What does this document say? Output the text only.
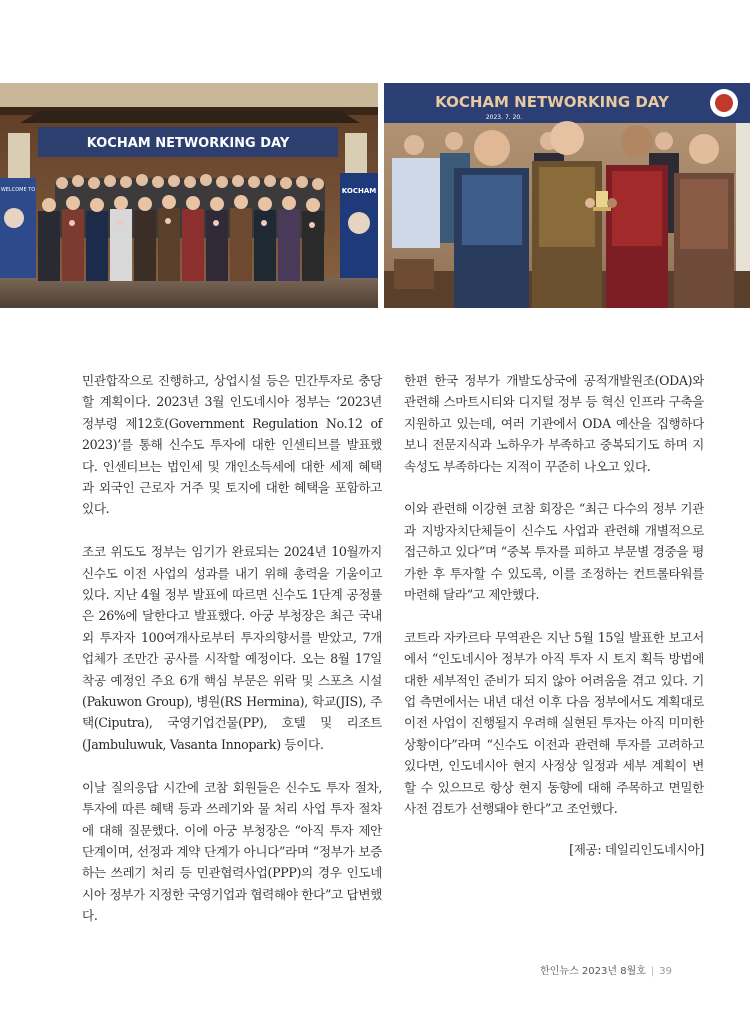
KOCHAM NETWORKING DAY
WELCOME TO	KOCHAM
KOCHAM NETWORKING DAY
2023. 7. 20.

민관합작으로 진행하고, 상업시설 등은 민간투자로 충당할 계획이다. 2023년 3월 인도네시아 정부는 ‘2023년 정부령 제12호(Government Regulation No.12 of 2023)’를 통해 신수도 투자에 대한 인센티브를 발표했다. 인센티브는 법인세 및 개인소득세에 대한 세제 혜택과 외국인 근로자 거주 및 토지에 대한 혜택을 포함하고 있다.

조코 위도도 정부는 임기가 완료되는 2024년 10월까지 신수도 이전 사업의 성과를 내기 위해 총력을 기울이고 있다. 지난 4월 정부 발표에 따르면 신수도 1단계 공정률은 26%에 달한다고 발표했다. 아궁 부청장은 최근 국내외 투자자 100여개사로부터 투자의향서를 받았고, 7개 업체가 조만간 공사를 시작할 예정이다. 오는 8월 17일 착공 예정인 주요 6개 핵심 부문은 위락 및 스포츠 시설(Pakuwon Group), 병원(RS Hermina), 학교(JIS), 주택(Ciputra), 국영기업건물(PP), 호텔 및 리조트(Jambuluwuk, Vasanta Innopark) 등이다.

이날 질의응답 시간에 코참 회원들은 신수도 투자 절차, 투자에 따른 혜택 등과 쓰레기와 물 처리 사업 투자 절차에 대해 질문했다. 이에 아궁 부청장은 “아직 투자 제안 단계이며, 선정과 계약 단계가 아니다”라며 “정부가 보증하는 쓰레기 처리 등 민관협력사업(PPP)의 경우 인도네시아 정부가 지정한 국영기업과 협력해야 한다”고 답변했다.

한편 한국 정부가 개발도상국에 공적개발원조(ODA)와 관련해 스마트시티와 디지털 정부 등 혁신 인프라 구축을 지원하고 있는데, 여러 기관에서 ODA 예산을 집행하다보니 전문지식과 노하우가 부족하고 중복되기도 하며 지속성도 부족하다는 지적이 꾸준히 나오고 있다.

이와 관련해 이강현 코참 회장은 “최근 다수의 정부 기관과 지방자치단체들이 신수도 사업과 관련해 개별적으로 접근하고 있다”며 “중복 투자를 피하고 부문별 경중을 평가한 후 투자할 수 있도록, 이를 조정하는 컨트롤타워를 마련해 달라”고 제안했다.

코트라 자카르타 무역관은 지난 5월 15일 발표한 보고서에서 “인도네시아 정부가 아직 투자 시 토지 획득 방법에 대한 세부적인 준비가 되지 않아 어려움을 겪고 있다. 기업 측면에서는 내년 대선 이후 다음 정부에서도 계획대로 이전 사업이 진행될지 우려해 실현된 투자는 아직 미미한 상황이다”라며 “신수도 이전과 관련해 투자를 고려하고 있다면, 인도네시아 현지 사정상 일정과 세부 계획이 변할 수 있으므로 항상 현지 동향에 대해 주목하고 면밀한 사전 검토가 선행돼야 한다”고 조언했다.

[제공: 데일리인도네시아]
한인뉴스 2023년 8월호 | 39
